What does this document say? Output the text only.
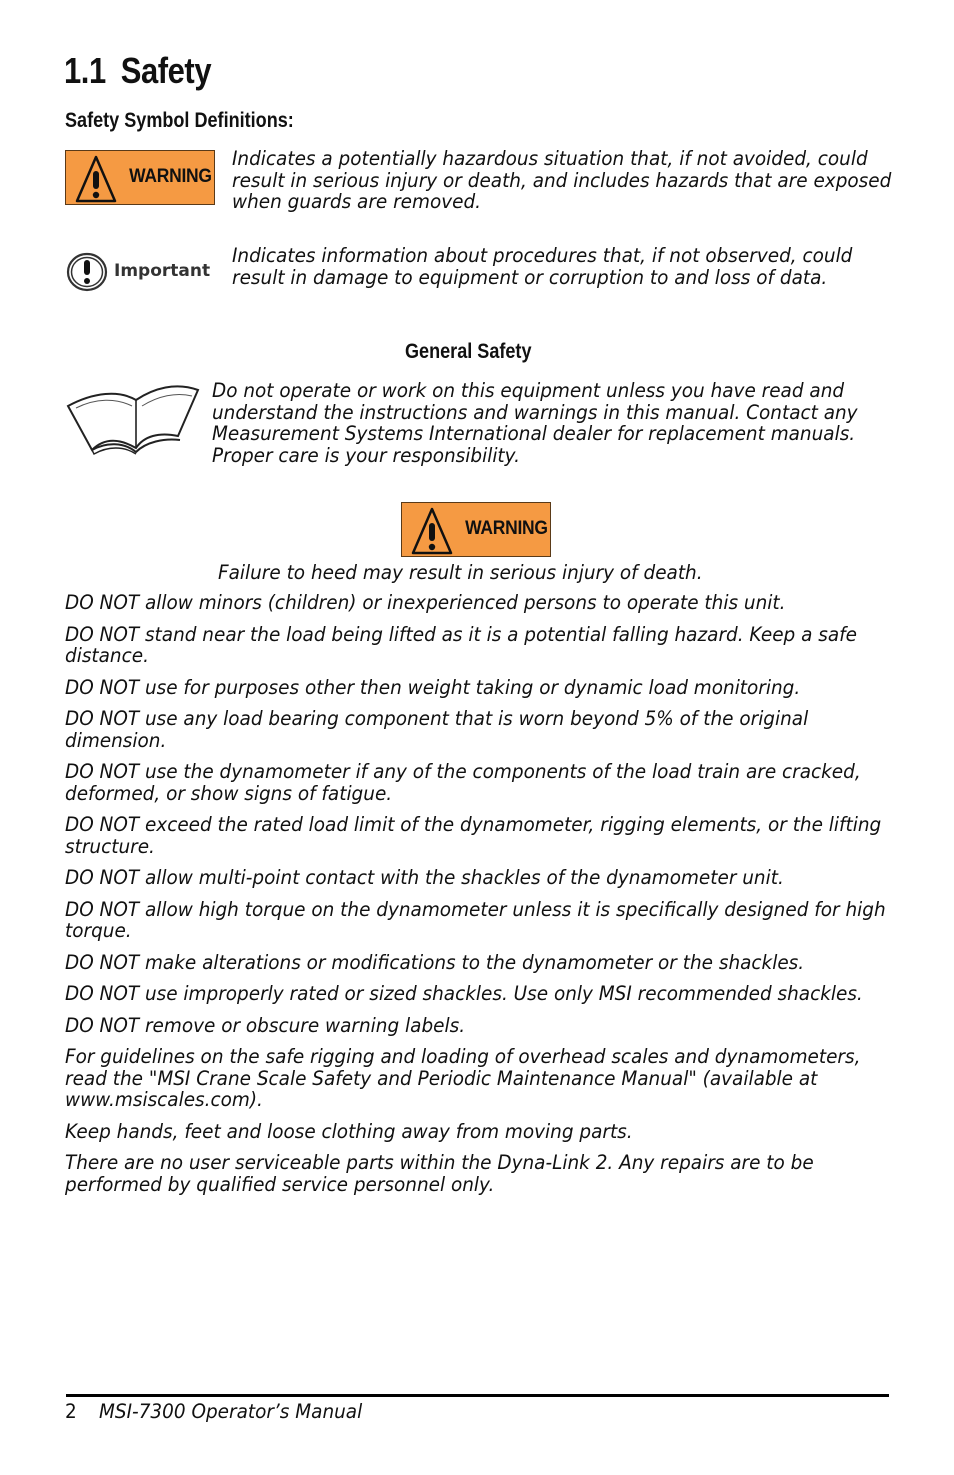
1.1 Safety
Safety Symbol Definitions:
WARNING

Indicates a potentially hazardous situation that, if not avoided, could result in serious injury or death, and includes hazards that are exposed when guards are removed.

Important

Indicates information about procedures that, if not observed, could result in damage to equipment or corruption to and loss of data.

General Safety

Do not operate or work on this equipment unless you have read and understand the instructions and warnings in this manual. Contact any Measurement Systems International dealer for replacement manuals. Proper care is your responsibility.

WARNING

Failure to heed may result in serious injury of death.

DO NOT allow minors (children) or inexperienced persons to operate this unit.

DO NOT stand near the load being lifted as it is a potential falling hazard. Keep a safe distance.

DO NOT use for purposes other then weight taking or dynamic load monitoring.

DO NOT use any load bearing component that is worn beyond 5% of the original dimension.

DO NOT use the dynamometer if any of the components of the load train are cracked, deformed, or show signs of fatigue.

DO NOT exceed the rated load limit of the dynamometer, rigging elements, or the lifting structure.

DO NOT allow multi-point contact with the shackles of the dynamometer unit.

DO NOT allow high torque on the dynamometer unless it is specifically designed for high torque.

DO NOT make alterations or modifications to the dynamometer or the shackles.

DO NOT use improperly rated or sized shackles. Use only MSI recommended shackles.

DO NOT remove or obscure warning labels.

For guidelines on the safe rigging and loading of overhead scales and dynamometers, read the "MSI Crane Scale Safety and Periodic Maintenance Manual" (available at www.msiscales.com).

Keep hands, feet and loose clothing away from moving parts.

There are no user serviceable parts within the Dyna-Link 2. Any repairs are to be performed by qualified service personnel only.

2 MSI-7300 Operator’s Manual
